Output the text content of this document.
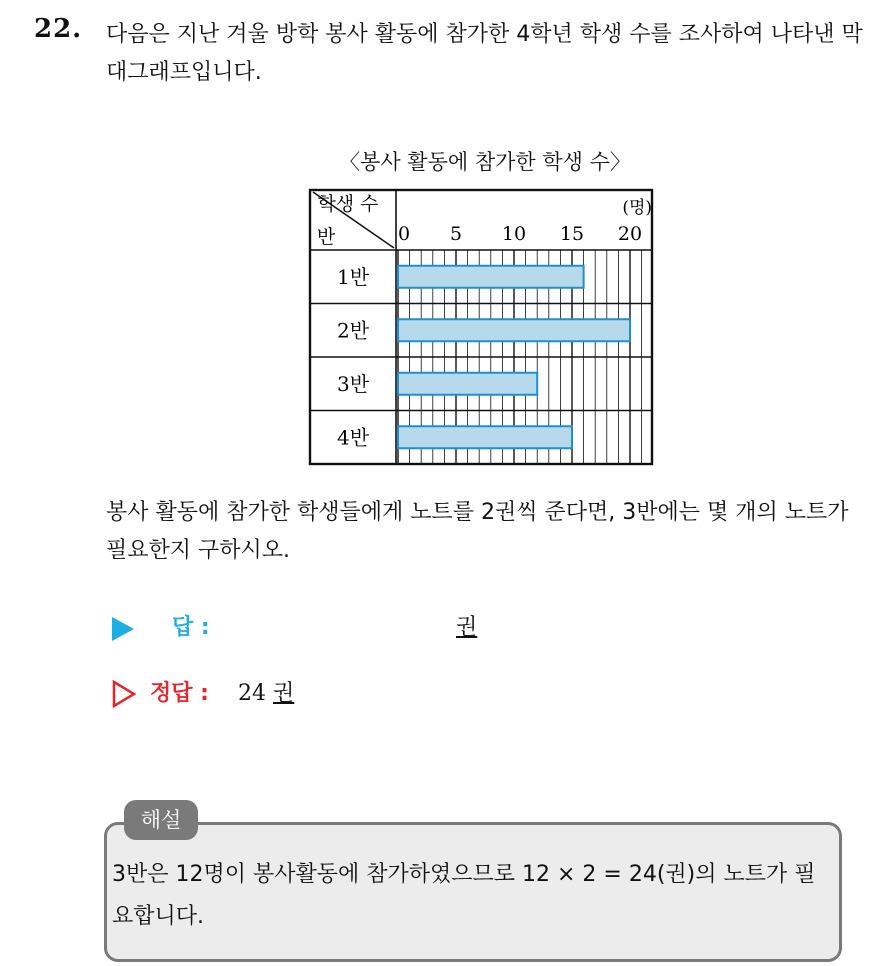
22. 다음은 지난 겨울 방학 봉사 활동에 참가한 4학년 학생 수를 조사하여 나타낸 막대그래프입니다.
〈봉사 활동에 참가한 학생 수〉
학생 수
반
(명)
0 5 10 15 20
1반
2반
3반
4반
봉사 활동에 참가한 학생들에게 노트를 2권씩 준다면, 3반에는 몇 개의 노트가 필요한지 구하시오.
답 :	권
정답 : 24 권
해설
3반은 12명이 봉사활동에 참가하였으므로 12 × 2 = 24(권)의 노트가 필요합니다.
